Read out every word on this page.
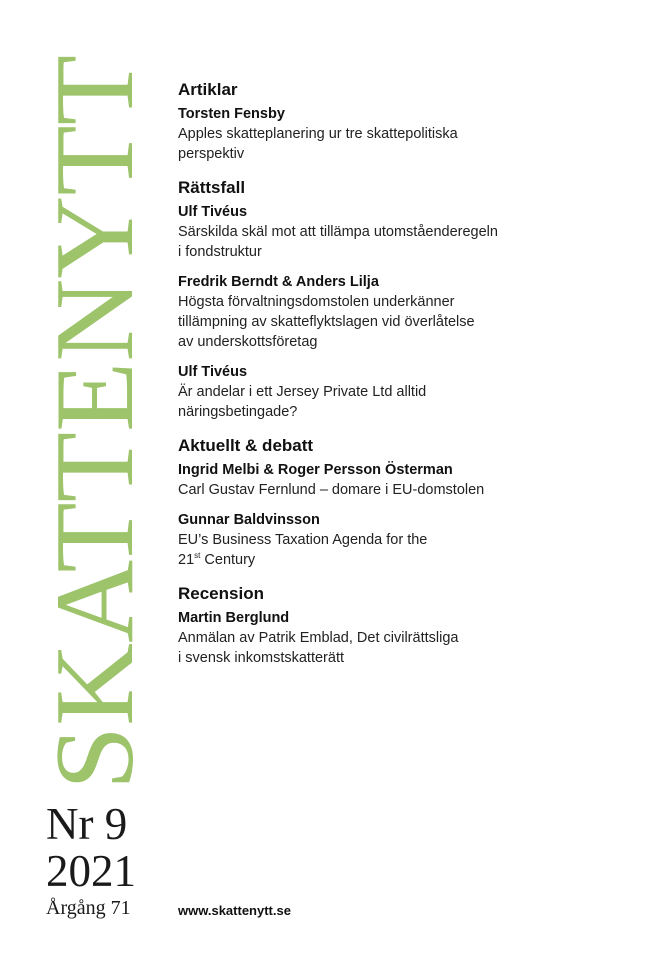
SKATTENYTT
Nr 9
2021
Årgång 71
Artiklar
Torsten Fensby
Apples skatteplanering ur tre skattepolitiska
perspektiv
Rättsfall
Ulf Tivéus
Särskilda skäl mot att tillämpa utomståenderegeln
i fondstruktur
Fredrik Berndt & Anders Lilja
Högsta förvaltningsdomstolen underkänner
tillämpning av skatteflyktslagen vid överlåtelse
av underskottsföretag
Ulf Tivéus
Är andelar i ett Jersey Private Ltd alltid
näringsbetingade?
Aktuellt & debatt
Ingrid Melbi & Roger Persson Österman
Carl Gustav Fernlund – domare i EU-domstolen
Gunnar Baldvinsson
EU’s Business Taxation Agenda for the
21st Century
Recension
Martin Berglund
Anmälan av Patrik Emblad, Det civilrättsliga
i svensk inkomstskatterätt
www.skattenytt.se
